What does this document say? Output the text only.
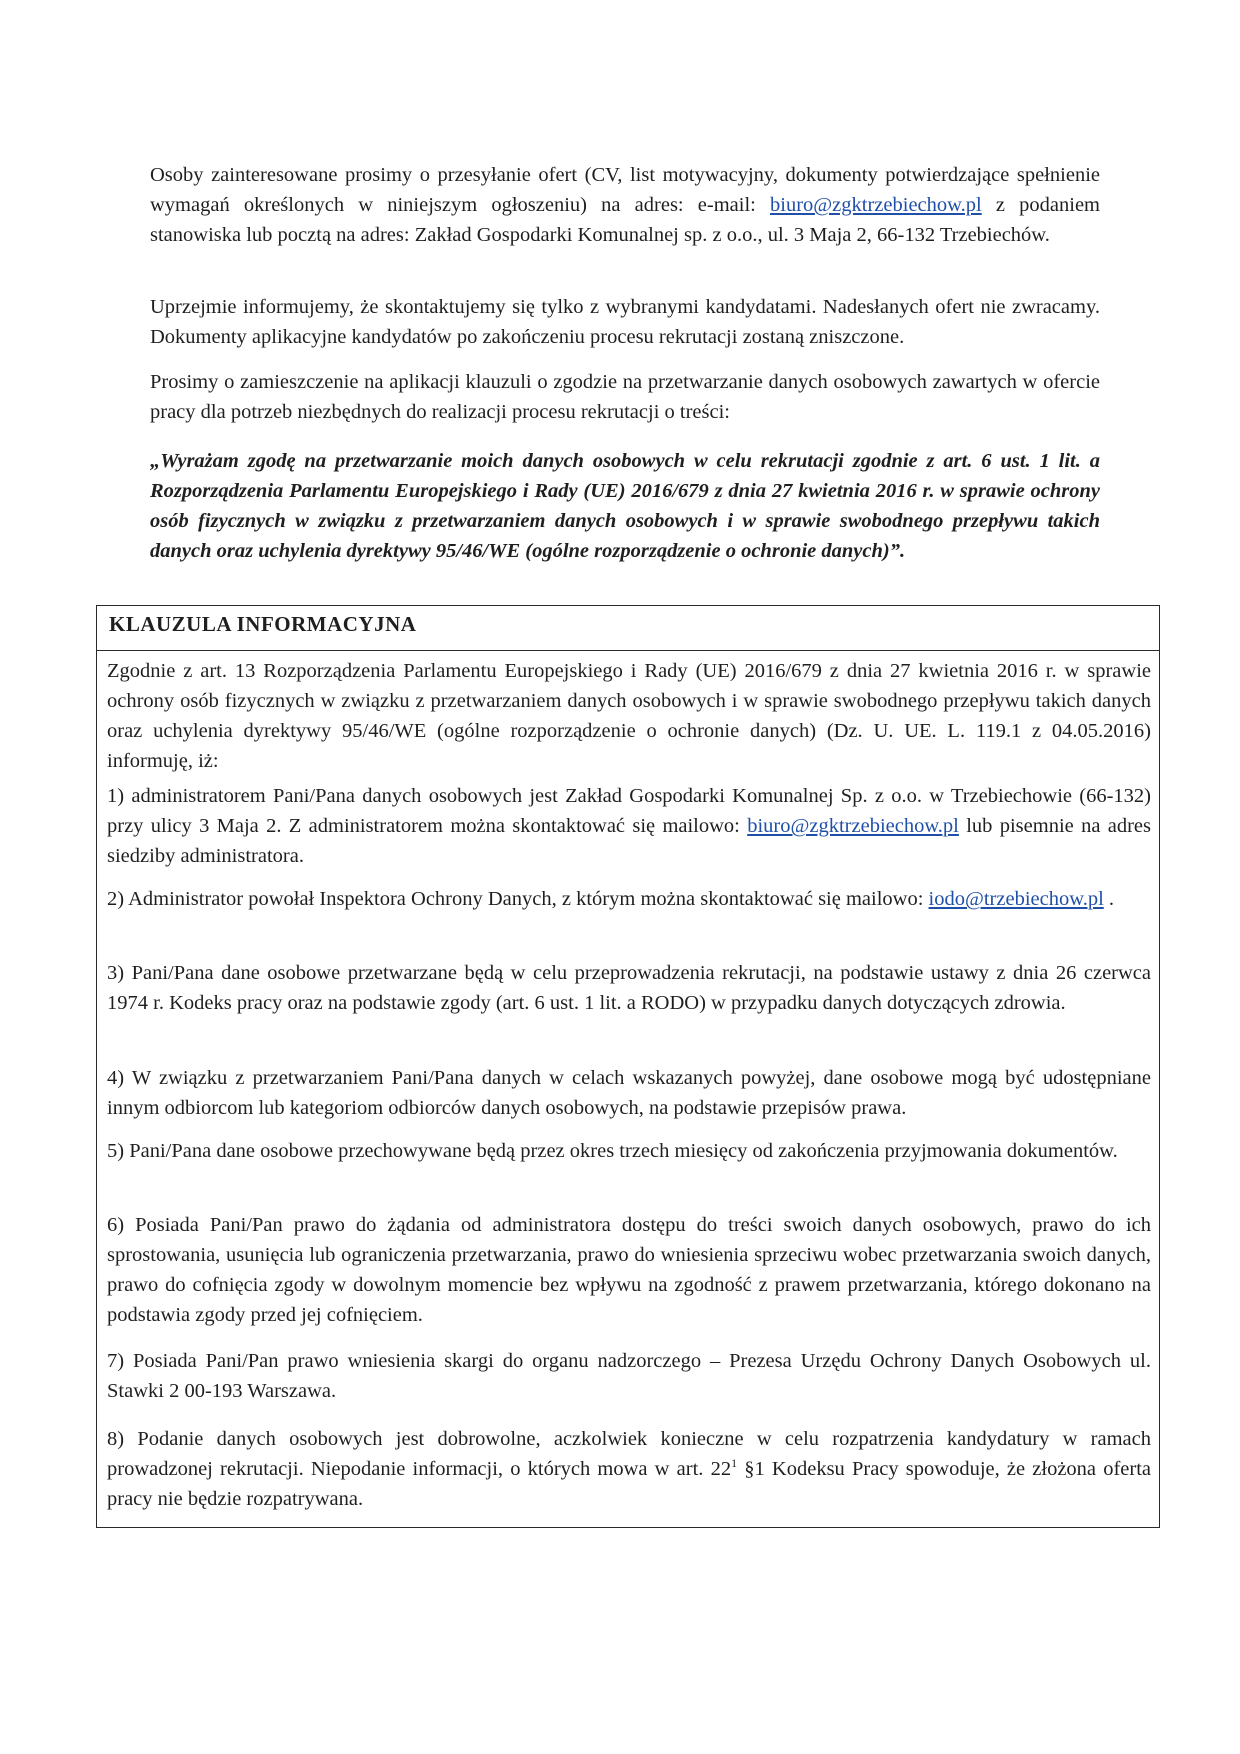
Osoby zainteresowane prosimy o przesyłanie ofert (CV, list motywacyjny, dokumenty potwierdzające spełnienie wymagań określonych w niniejszym ogłoszeniu) na adres: e-mail: biuro@zgktrzebiechow.pl z podaniem stanowiska lub pocztą na adres: Zakład Gospodarki Komunalnej sp. z o.o., ul. 3 Maja 2, 66-132 Trzebiechów.

Uprzejmie informujemy, że skontaktujemy się tylko z wybranymi kandydatami. Nadesłanych ofert nie zwracamy. Dokumenty aplikacyjne kandydatów po zakończeniu procesu rekrutacji zostaną zniszczone.

Prosimy o zamieszczenie na aplikacji klauzuli o zgodzie na przetwarzanie danych osobowych zawartych w ofercie pracy dla potrzeb niezbędnych do realizacji procesu rekrutacji o treści:

„Wyrażam zgodę na przetwarzanie moich danych osobowych w celu rekrutacji zgodnie z art. 6 ust. 1 lit. a Rozporządzenia Parlamentu Europejskiego i Rady (UE) 2016/679 z dnia 27 kwietnia 2016 r. w sprawie ochrony osób fizycznych w związku z przetwarzaniem danych osobowych i w sprawie swobodnego przepływu takich danych oraz uchylenia dyrektywy 95/46/WE (ogólne rozporządzenie o ochronie danych)”.

KLAUZULA INFORMACYJNA

Zgodnie z art. 13 Rozporządzenia Parlamentu Europejskiego i Rady (UE) 2016/679 z dnia 27 kwietnia 2016 r. w sprawie ochrony osób fizycznych w związku z przetwarzaniem danych osobowych i w sprawie swobodnego przepływu takich danych oraz uchylenia dyrektywy 95/46/WE (ogólne rozporządzenie o ochronie danych) (Dz. U. UE. L. 119.1 z 04.05.2016) informuję, iż:

1) administratorem Pani/Pana danych osobowych jest Zakład Gospodarki Komunalnej Sp. z o.o. w Trzebiechowie (66-132) przy ulicy 3 Maja 2. Z administratorem można skontaktować się mailowo: biuro@zgktrzebiechow.pl lub pisemnie na adres siedziby administratora.

2) Administrator powołał Inspektora Ochrony Danych, z którym można skontaktować się mailowo: iodo@trzebiechow.pl .

3) Pani/Pana dane osobowe przetwarzane będą w celu przeprowadzenia rekrutacji, na podstawie ustawy z dnia 26 czerwca 1974 r. Kodeks pracy oraz na podstawie zgody (art. 6 ust. 1 lit. a RODO) w przypadku danych dotyczących zdrowia.

4) W związku z przetwarzaniem Pani/Pana danych w celach wskazanych powyżej, dane osobowe mogą być udostępniane innym odbiorcom lub kategoriom odbiorców danych osobowych, na podstawie przepisów prawa.

5) Pani/Pana dane osobowe przechowywane będą przez okres trzech miesięcy od zakończenia przyjmowania dokumentów.

6) Posiada Pani/Pan prawo do żądania od administratora dostępu do treści swoich danych osobowych, prawo do ich sprostowania, usunięcia lub ograniczenia przetwarzania, prawo do wniesienia sprzeciwu wobec przetwarzania swoich danych, prawo do cofnięcia zgody w dowolnym momencie bez wpływu na zgodność z prawem przetwarzania, którego dokonano na podstawia zgody przed jej cofnięciem.

7) Posiada Pani/Pan prawo wniesienia skargi do organu nadzorczego – Prezesa Urzędu Ochrony Danych Osobowych ul. Stawki 2 00-193 Warszawa.

8) Podanie danych osobowych jest dobrowolne, aczkolwiek konieczne w celu rozpatrzenia kandydatury w ramach prowadzonej rekrutacji. Niepodanie informacji, o których mowa w art. $22^1$ §1 Kodeksu Pracy spowoduje, że złożona oferta pracy nie będzie rozpatrywana.
